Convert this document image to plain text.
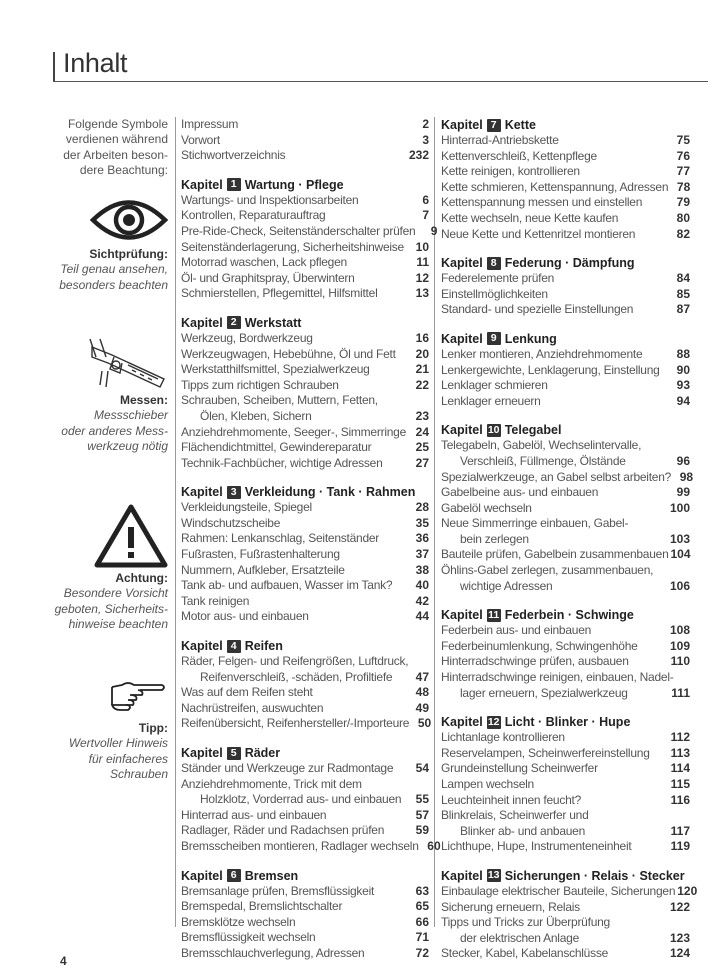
Inhalt
Folgende Symbole
verdienen während
der Arbeiten beson-
dere Beachtung:
Sichtprüfung:
Teil genau ansehen,
besonders beachten
Messen:
Messschieber
oder anderes Mess-
werkzeug nötig
Achtung:
Besondere Vorsicht
geboten, Sicherheits-
hinweise beachten
Tipp:
Wertvoller Hinweis
für einfacheres
Schrauben
Impressum	2
Vorwort	3
Stichwortverzeichnis	232
Kapitel 1 Wartung · Pflege
Wartungs- und Inspektionsarbeiten	6
Kontrollen, Reparaturauftrag	7
Pre-Ride-Check, Seitenständerschalter prüfen	9
Seitenständerlagerung, Sicherheitshinweise 10
Motorrad waschen, Lack pflegen	11
Öl- und Graphitspray, Überwintern	12
Schmierstellen, Pflegemittel, Hilfsmittel	13
Kapitel 2 Werkstatt
Werkzeug, Bordwerkzeug	16
Werkzeugwagen, Hebebühne, Öl und Fett	20
Werkstatthilfsmittel, Spezialwerkzeug	21
Tipps zum richtigen Schrauben	22
Schrauben, Scheiben, Muttern, Fetten,
Ölen, Kleben, Sichern	23
Anziehdrehmomente, Seeger-, Simmerringe 24
Flächendichtmittel, Gewindereparatur	25
Technik-Fachbücher, wichtige Adressen	27
Kapitel 3 Verkleidung · Tank · Rahmen
Verkleidungsteile, Spiegel	28
Windschutzscheibe	35
Rahmen: Lenkanschlag, Seitenständer	36
Fußrasten, Fußrastenhalterung	37
Nummern, Aufkleber, Ersatzteile	38
Tank ab- und aufbauen, Wasser im Tank?	40
Tank reinigen	42
Motor aus- und einbauen	44
Kapitel 4 Reifen
Räder, Felgen- und Reifengrößen, Luftdruck,
Reifenverschleiß, -schäden, Profiltiefe	47
Was auf dem Reifen steht	48
Nachrüstreifen, auswuchten	49
Reifenübersicht, Reifenhersteller/-Importeure 50
Kapitel 5 Räder
Ständer und Werkzeuge zur Radmontage	54
Anziehdrehmomente, Trick mit dem
Holzklotz, Vorderrad aus- und einbauen	55
Hinterrad aus- und einbauen	57
Radlager, Räder und Radachsen prüfen	59
Bremsscheiben montieren, Radlager wechseln 60
Kapitel 6 Bremsen
Bremsanlage prüfen, Bremsflüssigkeit	63
Bremspedal, Bremslichtschalter	65
Bremsklötze wechseln	66
Bremsflüssigkeit wechseln	71
Bremsschlauchverlegung, Adressen	72
Kapitel 7 Kette
Hinterrad-Antriebskette	75
Kettenverschleiß, Kettenpflege	76
Kette reinigen, kontrollieren	77
Kette schmieren, Kettenspannung, Adressen 78
Kettenspannung messen und einstellen	79
Kette wechseln, neue Kette kaufen	80
Neue Kette und Kettenritzel montieren	82
Kapitel 8 Federung · Dämpfung
Federelemente prüfen	84
Einstellmöglichkeiten	85
Standard- und spezielle Einstellungen	87
Kapitel 9 Lenkung
Lenker montieren, Anziehdrehmomente	88
Lenkergewichte, Lenklagerung, Einstellung	90
Lenklager schmieren	93
Lenklager erneuern	94
Kapitel 10 Telegabel
Telegabeln, Gabelöl, Wechselintervalle,
Verschleiß, Füllmenge, Ölstände	96
Spezialwerkzeuge, an Gabel selbst arbeiten? 98
Gabelbeine aus- und einbauen	99
Gabelöl wechseln	100
Neue Simmerringe einbauen, Gabel-
bein zerlegen	103
Bauteile prüfen, Gabelbein zusammenbauen 104
Öhlins-Gabel zerlegen, zusammenbauen,
wichtige Adressen	106
Kapitel 11 Federbein · Schwinge
Federbein aus- und einbauen	108
Federbeinumlenkung, Schwingenhöhe	109
Hinterradschwinge prüfen, ausbauen	110
Hinterradschwinge reinigen, einbauen, Nadel-
lager erneuern, Spezialwerkzeug	111
Kapitel 12 Licht · Blinker · Hupe
Lichtanlage kontrollieren	112
Reservelampen, Scheinwerfereinstellung 113
Grundeinstellung Scheinwerfer	114
Lampen wechseln	115
Leuchteinheit innen feucht?	116
Blinkrelais, Scheinwerfer und
Blinker ab- und anbauen	117
Lichthupe, Hupe, Instrumenteneinheit	119
Kapitel 13 Sicherungen · Relais · Stecker
Einbaulage elektrischer Bauteile, Sicherungen 120
Sicherung erneuern, Relais	122
Tipps und Tricks zur Überprüfung
der elektrischen Anlage	123
Stecker, Kabel, Kabelanschlüsse	124
4
